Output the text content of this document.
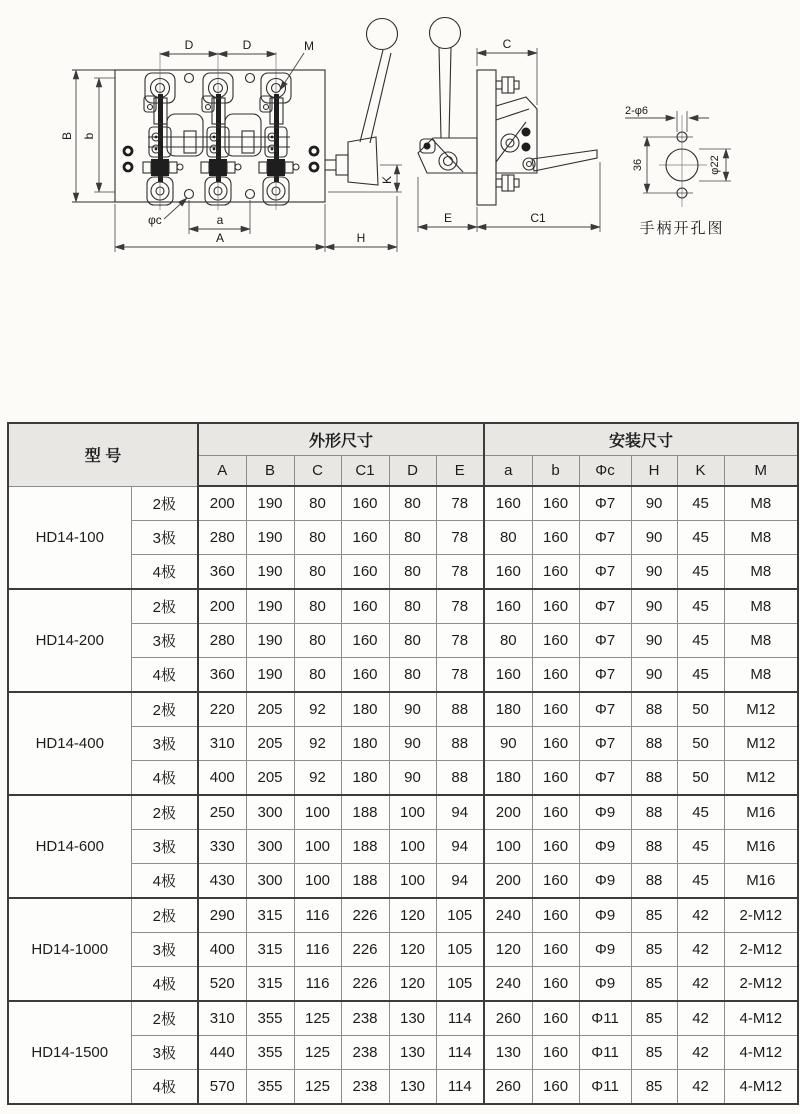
D	D	M
B b
φc	a
A	H
K
C
E	C1
36	φ22
2-φ6
手柄开孔图
型 号		外形尺寸						安装尺寸					
		A	B	C	C1	D	E	a	b	Φc	H	K	M
HD14-100	2极	200	190	80	160	80	78	160	160	Φ7	90	45	M8
	3极	280	190	80	160	80	78	80	160	Φ7	90	45	M8
	4极	360	190	80	160	80	78	160	160	Φ7	90	45	M8
HD14-200	2极	200	190	80	160	80	78	160	160	Φ7	90	45	M8
	3极	280	190	80	160	80	78	80	160	Φ7	90	45	M8
	4极	360	190	80	160	80	78	160	160	Φ7	90	45	M8
HD14-400	2极	220	205	92	180	90	88	180	160	Φ7	88	50	M12
	3极	310	205	92	180	90	88	90	160	Φ7	88	50	M12
	4极	400	205	92	180	90	88	180	160	Φ7	88	50	M12
HD14-600	2极	250	300	100	188	100	94	200	160	Φ9	88	45	M16
	3极	330	300	100	188	100	94	100	160	Φ9	88	45	M16
	4极	430	300	100	188	100	94	200	160	Φ9	88	45	M16
HD14-1000	2极	290	315	116	226	120	105	240	160	Φ9	85	42	2-M12
	3极	400	315	116	226	120	105	120	160	Φ9	85	42	2-M12
	4极	520	315	116	226	120	105	240	160	Φ9	85	42	2-M12
HD14-1500	2极	310	355	125	238	130	114	260	160	Φ11	85	42	4-M12
	3极	440	355	125	238	130	114	130	160	Φ11	85	42	4-M12
	4极	570	355	125	238	130	114	260	160	Φ11	85	42	4-M12
